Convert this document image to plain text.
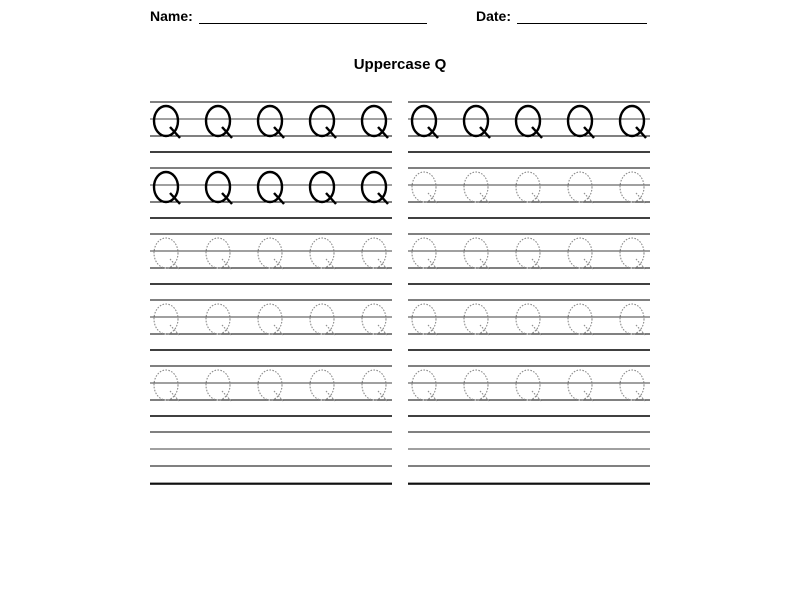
Name:	Date:
Uppercase Q
